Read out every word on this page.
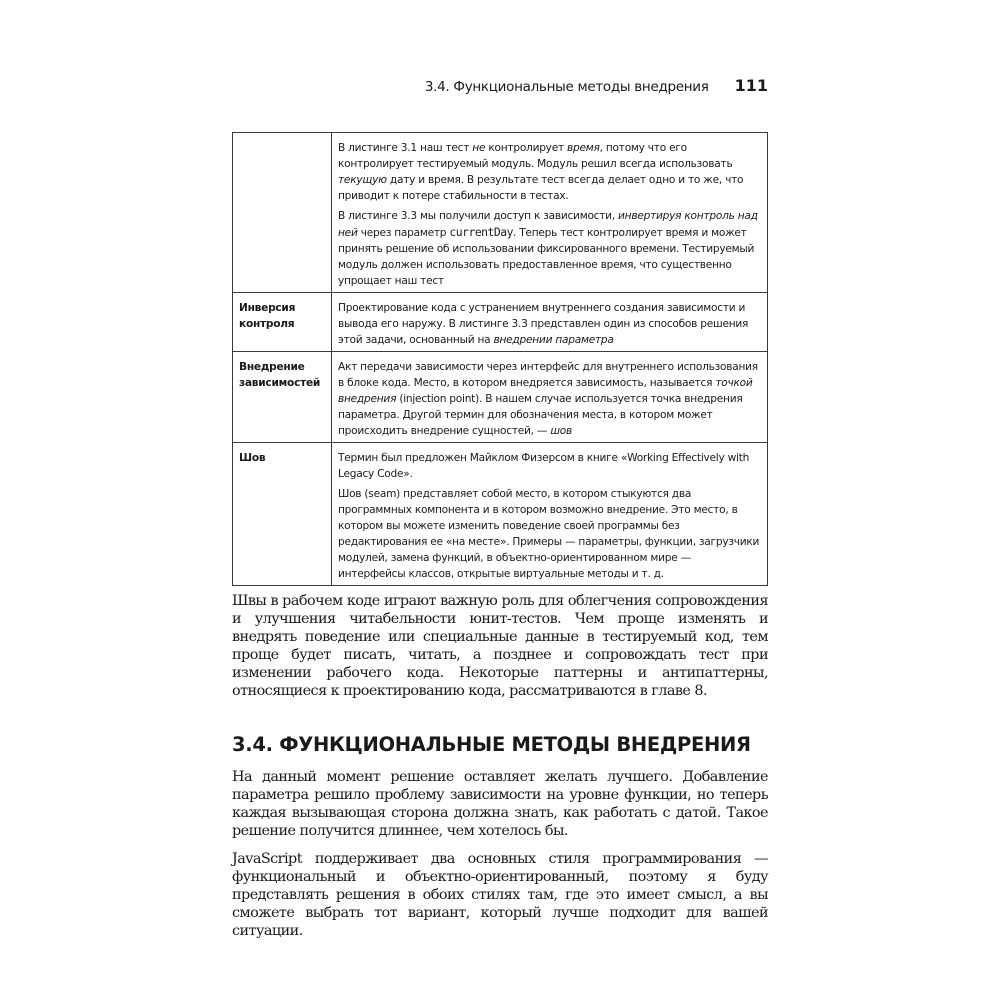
3.4. Функциональные методы внедрения 111

	В листинге 3.1 наш тест не контролирует время, потому что его контролирует тестируемый модуль. Модуль решил всегда использовать текущую дату и время. В результате тест всегда делает одно и то же, что приводит к потере стабильности в тестах.

В листинге 3.3 мы получили доступ к зависимости, инвертируя контроль над ней через параметр currentDay. Теперь тест контролирует время и может принять решение об использовании фиксированного времени. Тестируемый модуль должен использовать предоставленное время, что существенно упрощает наш тест

Инверсия контроля	Проектирование кода с устранением внутреннего создания зависимости и вывода его наружу. В листинге 3.3 представлен один из способов решения этой задачи, основанный на внедрении параметра

Внедрение зависимостей	Акт передачи зависимости через интерфейс для внутреннего использования в блоке кода. Место, в котором внедряется зависимость, называется точкой внедрения (injection point). В нашем случае используется точка внедрения параметра. Другой термин для обозначения места, в котором может происходить внедрение сущностей, — шов

Шов	Термин был предложен Майклом Физерсом в книге «Working Effectively with Legacy Code».

Шов (seam) представляет собой место, в котором стыкуются два программных компонента и в котором возможно внедрение. Это место, в котором вы можете изменить поведение своей программы без редактирования ее «на месте». Примеры — параметры, функции, загрузчики модулей, замена функций, в объектно-ориентированном мире — интерфейсы классов, открытые виртуальные методы и т. д.

Швы в рабочем коде играют важную роль для облегчения сопровождения и улучшения читабельности юнит-тестов. Чем проще изменять и внедрять поведение или специальные данные в тестируемый код, тем проще будет писать, читать, а позднее и сопровождать тест при изменении рабочего кода. Некоторые паттерны и антипаттерны, относящиеся к проектированию кода, рассматриваются в главе 8.

3.4. ФУНКЦИОНАЛЬНЫЕ МЕТОДЫ ВНЕДРЕНИЯ

На данный момент решение оставляет желать лучшего. Добавление параметра решило проблему зависимости на уровне функции, но теперь каждая вызывающая сторона должна знать, как работать с датой. Такое решение получится длиннее, чем хотелось бы.

JavaScript поддерживает два основных стиля программирования — функциональный и объектно-ориентированный, поэтому я буду представлять решения в обоих стилях там, где это имеет смысл, а вы сможете выбрать тот вариант, который лучше подходит для вашей ситуации.
